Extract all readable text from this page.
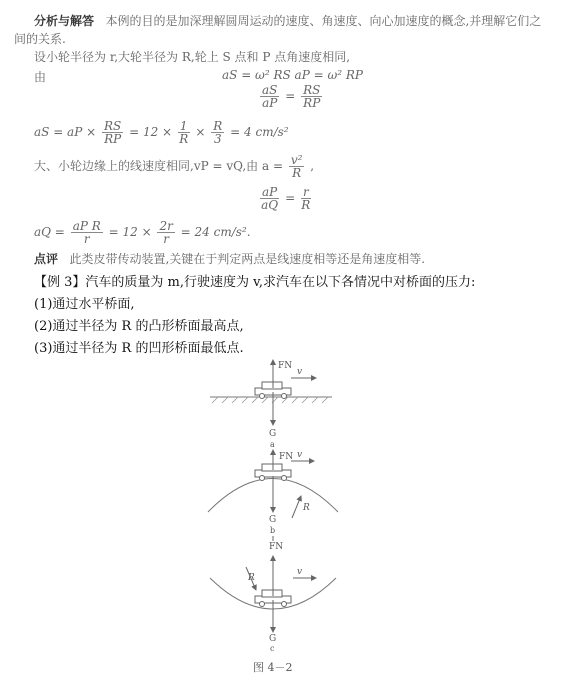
分析与解答 本例的目的是加深理解圆周运动的速度、角速度、向心加速度的概念,并理解它们之
间的关系.
设小轮半径为 r,大轮半径为 R,轮上 S 点和 P 点角速度相同,
由	aS = ω² RS aP = ω² RP
$\frac{aS}{aP} = \frac{RS}{RP}$
aS = aP × $\frac{RS}{RP} = 12 \times \frac{1}{R} \times \frac{R}{3} = 4$ cm/s²
大、小轮边缘上的线速度相同,vP = vQ,由 $a = \frac{\text{v²}}{R}$ ,
$\frac{aP}{aQ} = \frac{r}{R}$
aQ = $\frac{\text{aP R}}{r} = 12 \times \frac{2r}{r} = 24$ cm/s².
点评 此类皮带传动装置,关键在于判定两点是线速度相等还是角速度相等.
【例 3】汽车的质量为 m,行驶速度为 v,求汽车在以下各情况中对桥面的压力:
(1)通过水平桥面,
(2)通过半径为 R 的凸形桥面最高点,
(3)通过半径为 R 的凹形桥面最低点.
FN
v
G
a
FN v
R
G
b
FN
v
R
G
c
图 4－2
